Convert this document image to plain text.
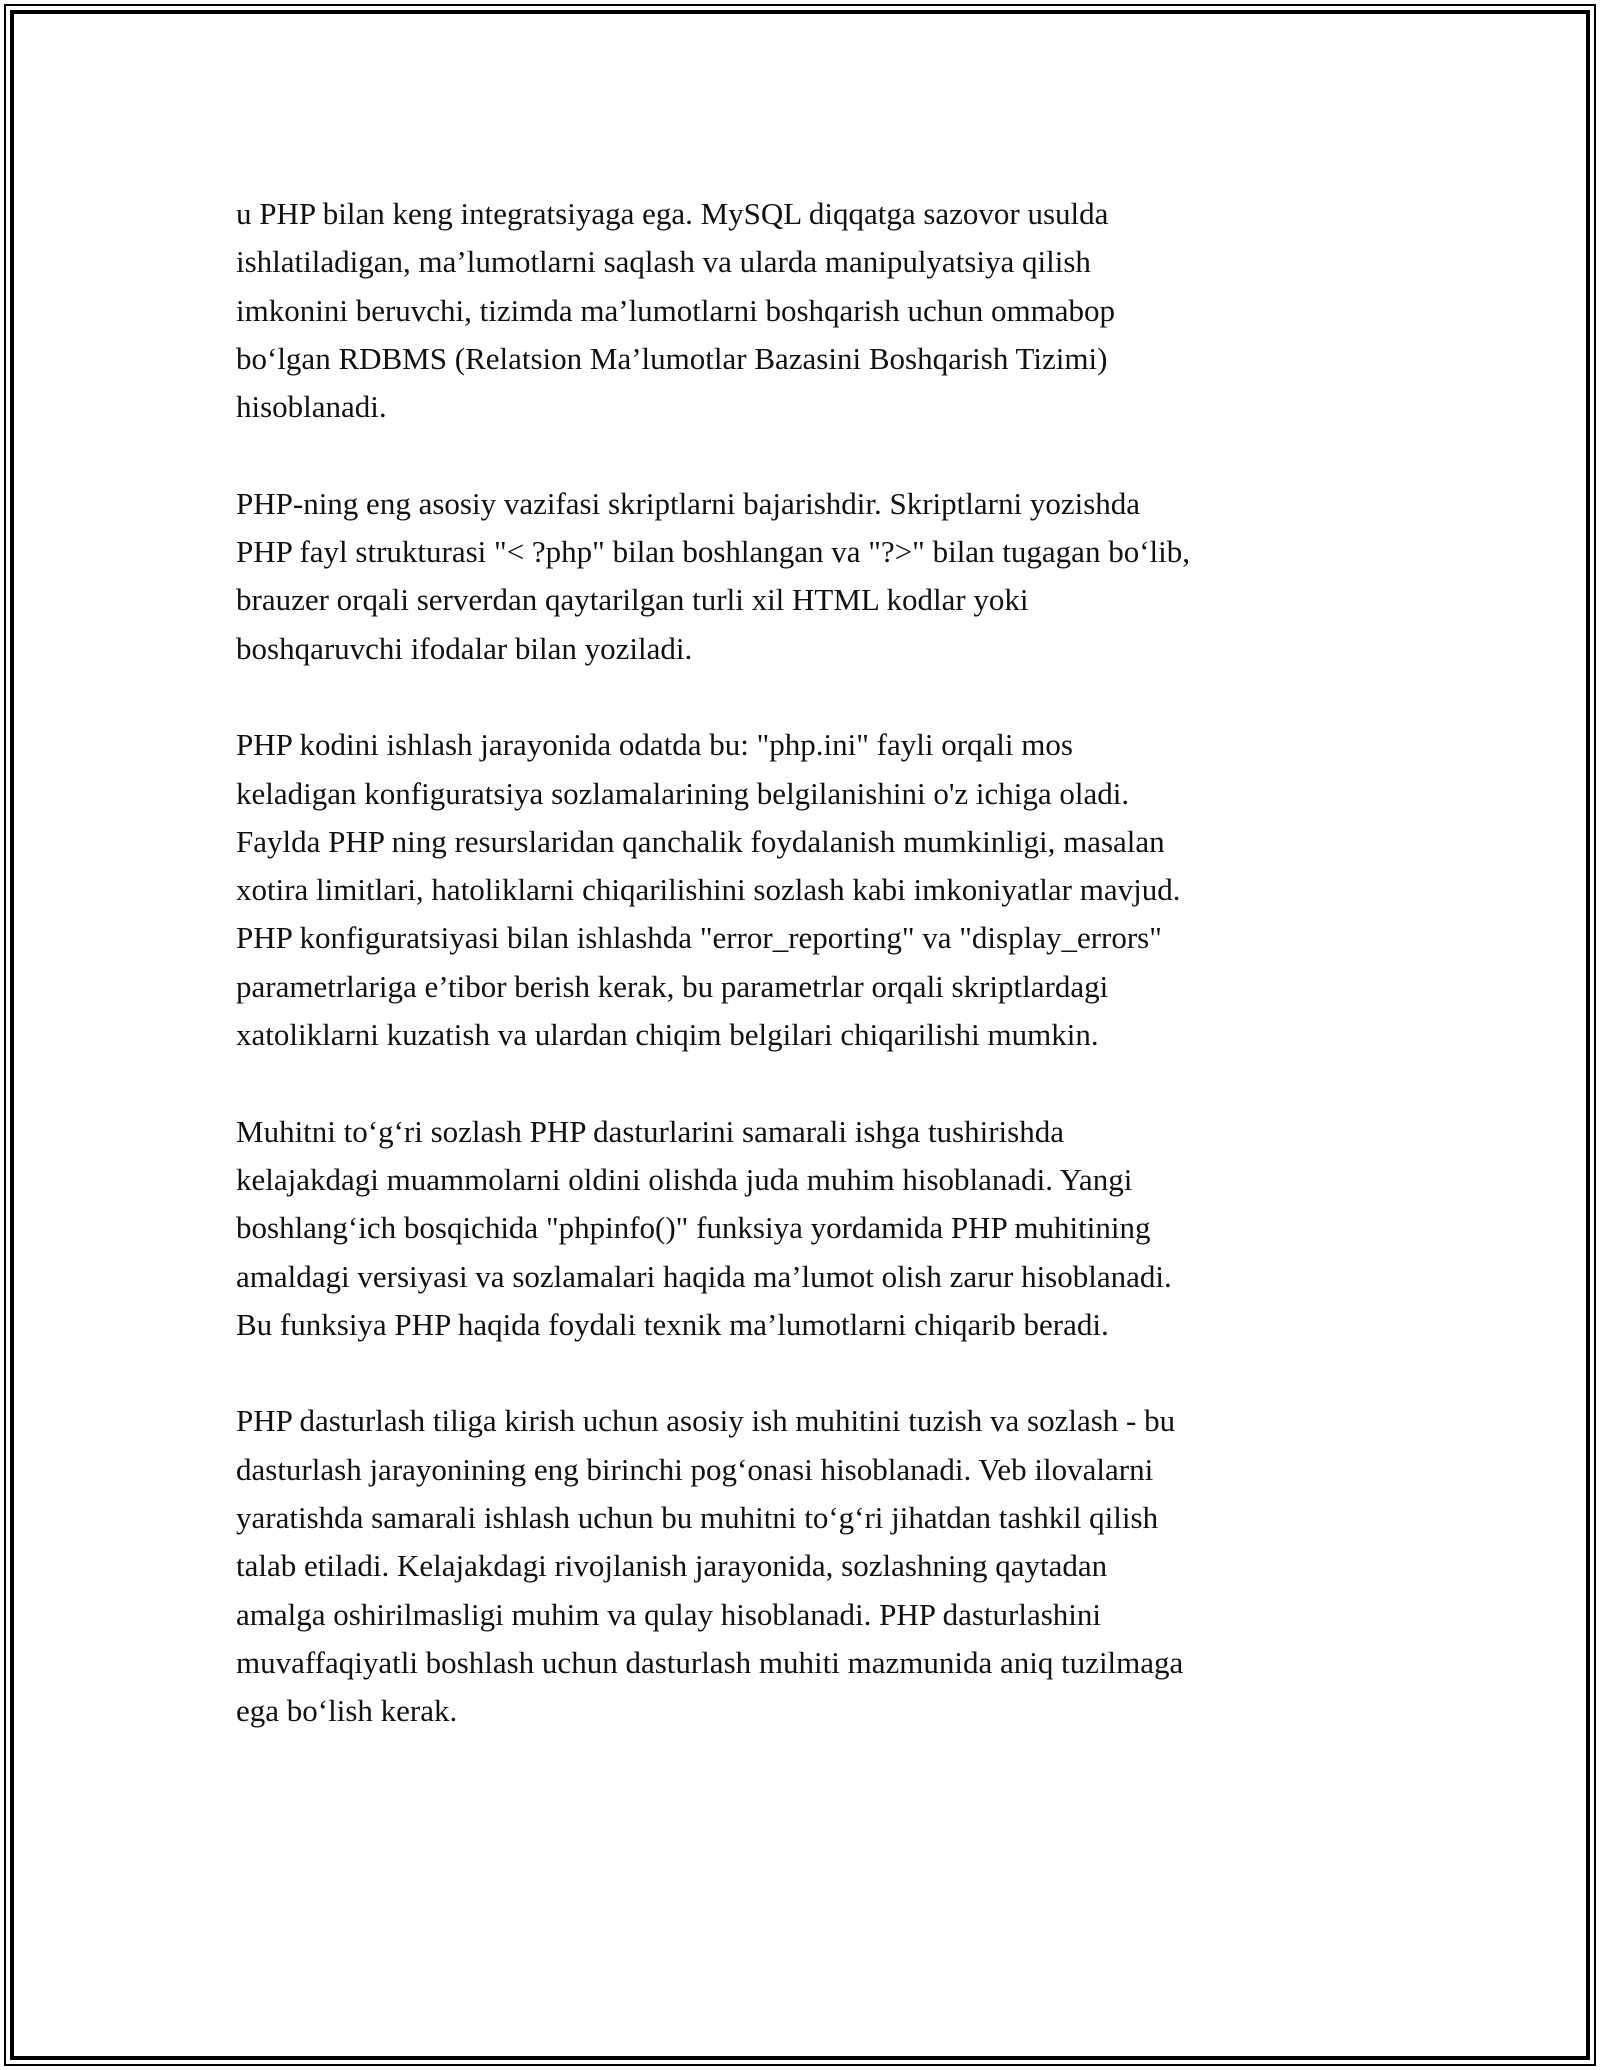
u PHP bilan keng integratsiyaga ega. MySQL diqqatga sazovor usulda
ishlatiladigan, ma’lumotlarni saqlash va ularda manipulyatsiya qilish
imkonini beruvchi, tizimda ma’lumotlarni boshqarish uchun ommabop
bo‘lgan RDBMS (Relatsion Ma’lumotlar Bazasini Boshqarish Tizimi)
hisoblanadi.

PHP-ning eng asosiy vazifasi skriptlarni bajarishdir. Skriptlarni yozishda
PHP fayl strukturasi "< ?php" bilan boshlangan va "?>" bilan tugagan bo‘lib,
brauzer orqali serverdan qaytarilgan turli xil HTML kodlar yoki
boshqaruvchi ifodalar bilan yoziladi.

PHP kodini ishlash jarayonida odatda bu: "php.ini" fayli orqali mos
keladigan konfiguratsiya sozlamalarining belgilanishini o'z ichiga oladi.
Faylda PHP ning resurslaridan qanchalik foydalanish mumkinligi, masalan
xotira limitlari, hatoliklarni chiqarilishini sozlash kabi imkoniyatlar mavjud.
PHP konfiguratsiyasi bilan ishlashda "error_reporting" va "display_errors"
parametrlariga e’tibor berish kerak, bu parametrlar orqali skriptlardagi
xatoliklarni kuzatish va ulardan chiqim belgilari chiqarilishi mumkin.

Muhitni to‘g‘ri sozlash PHP dasturlarini samarali ishga tushirishda
kelajakdagi muammolarni oldini olishda juda muhim hisoblanadi. Yangi
boshlang‘ich bosqichida "phpinfo()" funksiya yordamida PHP muhitining
amaldagi versiyasi va sozlamalari haqida ma’lumot olish zarur hisoblanadi.
Bu funksiya PHP haqida foydali texnik ma’lumotlarni chiqarib beradi.

PHP dasturlash tiliga kirish uchun asosiy ish muhitini tuzish va sozlash - bu
dasturlash jarayonining eng birinchi pog‘onasi hisoblanadi. Veb ilovalarni
yaratishda samarali ishlash uchun bu muhitni to‘g‘ri jihatdan tashkil qilish
talab etiladi. Kelajakdagi rivojlanish jarayonida, sozlashning qaytadan
amalga oshirilmasligi muhim va qulay hisoblanadi. PHP dasturlashini
muvaffaqiyatli boshlash uchun dasturlash muhiti mazmunida aniq tuzilmaga
ega bo‘lish kerak.
